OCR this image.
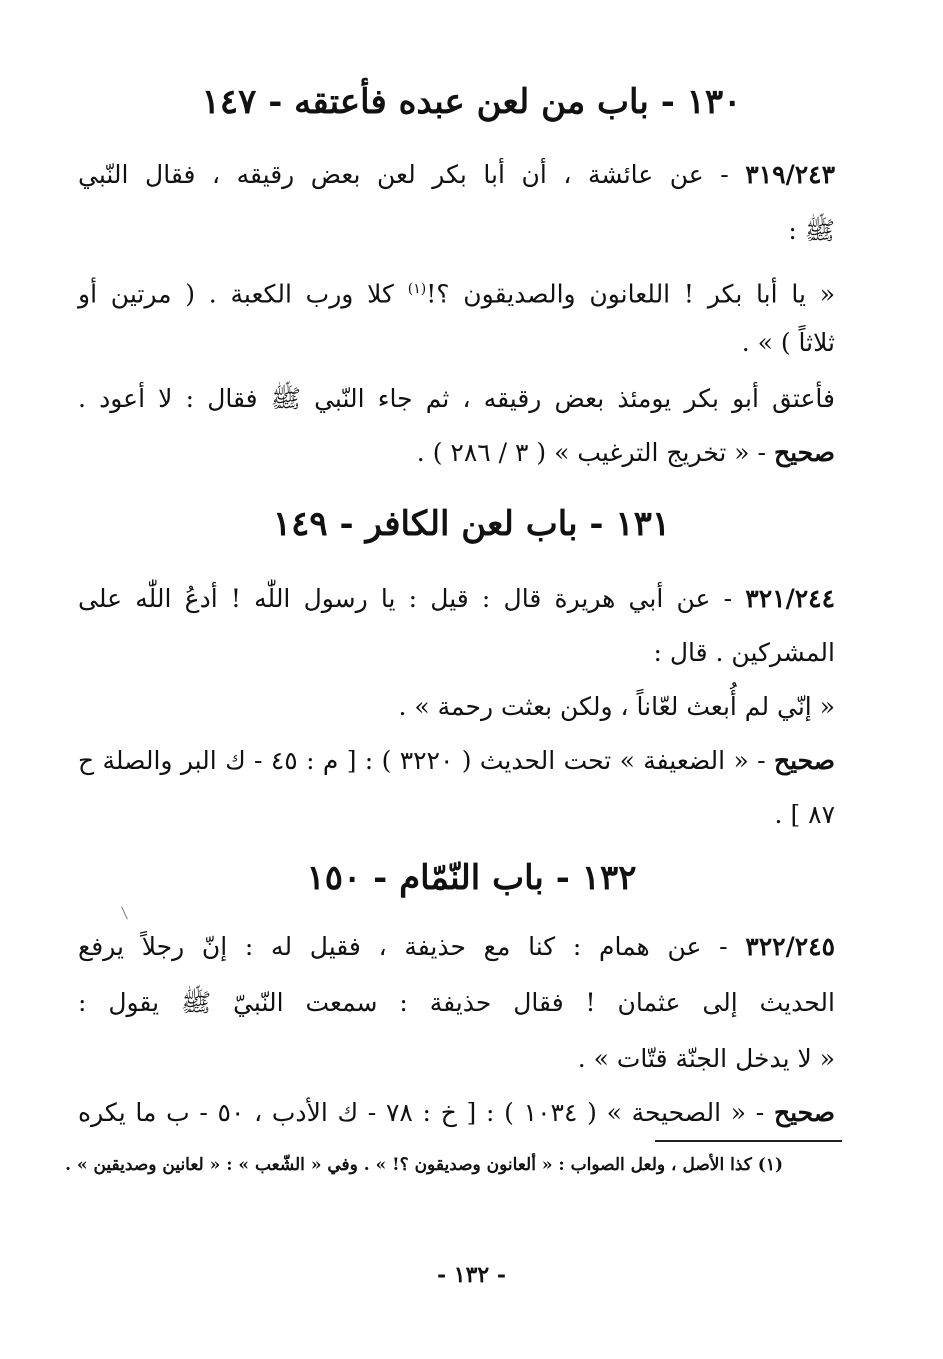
١٣٠ - باب من لعن عبده فأعتقه - ١٤٧
٣١٩/٢٤٣ - عن عائشة ، أن أبا بكر لعن بعض رقيقه ، فقال النّبي
ﷺ :
« يا أبا بكر ! اللعانون والصديقون ؟!$^{(١)}$ كلا ورب الكعبة . ( مرتين أو
ثلاثاً ) » .
فأعتق أبو بكر يومئذ بعض رقيقه ، ثم جاء النّبي ﷺ فقال : لا أعود .
صحيح - « تخريج الترغيب » ( ٣ / ٢٨٦ ) .
١٣١ - باب لعن الكافر - ١٤٩
٣٢١/٢٤٤ - عن أبي هريرة قال : قيل : يا رسول اللّٰه ! أدعُ اللّٰه على
المشركين . قال :
« إنّي لم أُبعث لعّاناً ، ولكن بعثت رحمة » .
صحيح - « الضعيفة » تحت الحديث ( ٣٢٢٠ ) : [ م : ٤٥ - ك البر والصلة ح
٨٧ ] .
١٣٢ - باب النّمّام - ١٥٠
٣٢٢/٢٤٥ - عن همام : كنا مع حذيفة ، فقيل له : إنّ رجلاً يرفع
الحديث إلى عثمان ! فقال حذيفة : سمعت النّبيّ ﷺ يقول :
« لا يدخل الجنّة قتّات » .
صحيح - « الصحيحة » ( ١٠٣٤ ) : [ خ : ٧٨ - ك الأدب ، ٥٠ - ب ما يكره
(١) كذا الأصل ، ولعل الصواب : « ألعانون وصديقون ؟! » . وفي « الشّعب » : « لعانين وصديقين » .
- ١٣٢ -
